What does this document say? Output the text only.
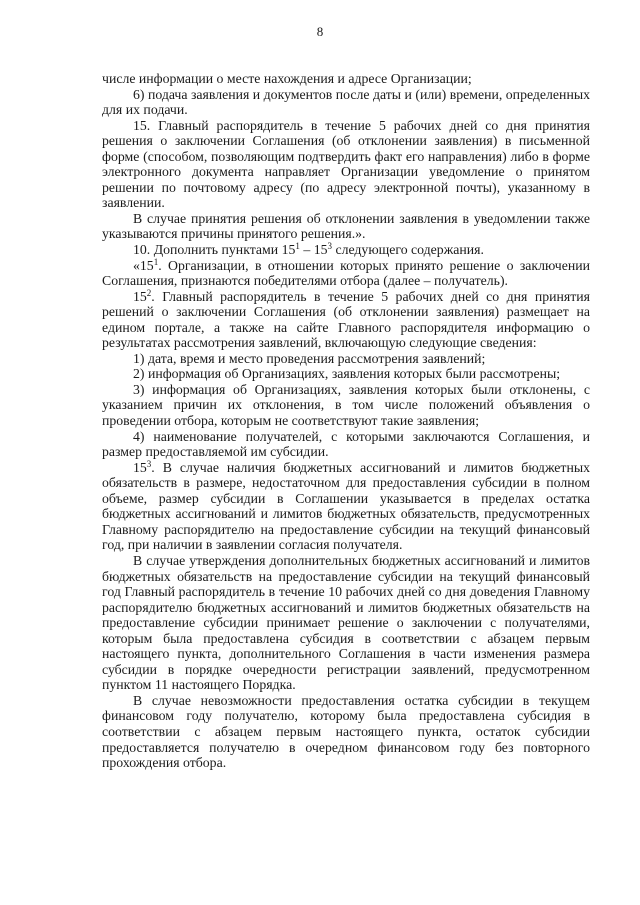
8

числе информации о месте нахождения и адресе Организации;

6) подача заявления и документов после даты и (или) времени, определенных для их подачи.

15. Главный распорядитель в течение 5 рабочих дней со дня принятия решения о заключении Соглашения (об отклонении заявления) в письменной форме (способом, позволяющим подтвердить факт его направления) либо в форме электронного документа направляет Организации уведомление о принятом решении по почтовому адресу (по адресу электронной почты), указанному в заявлении.

В случае принятия решения об отклонении заявления в уведомлении также указываются причины принятого решения.».

10. Дополнить пунктами $15^1 - 15^3$ следующего содержания.

«$15^1$. Организации, в отношении которых принято решение о заключении Соглашения, признаются победителями отбора (далее – получатель).

$15^2$. Главный распорядитель в течение 5 рабочих дней со дня принятия решений о заключении Соглашения (об отклонении заявления) размещает на едином портале, а также на сайте Главного распорядителя информацию о результатах рассмотрения заявлений, включающую следующие сведения:

1) дата, время и место проведения рассмотрения заявлений;

2) информация об Организациях, заявления которых были рассмотрены;

3) информация об Организациях, заявления которых были отклонены, с указанием причин их отклонения, в том числе положений объявления о проведении отбора, которым не соответствуют такие заявления;

4) наименование получателей, с которыми заключаются Соглашения, и размер предоставляемой им субсидии.

$15^3$. В случае наличия бюджетных ассигнований и лимитов бюджетных обязательств в размере, недостаточном для предоставления субсидии в полном объеме, размер субсидии в Соглашении указывается в пределах остатка бюджетных ассигнований и лимитов бюджетных обязательств, предусмотренных Главному распорядителю на предоставление субсидии на текущий финансовый год, при наличии в заявлении согласия получателя.

В случае утверждения дополнительных бюджетных ассигнований и лимитов бюджетных обязательств на предоставление субсидии на текущий финансовый год Главный распорядитель в течение 10 рабочих дней со дня доведения Главному распорядителю бюджетных ассигнований и лимитов бюджетных обязательств на предоставление субсидии принимает решение о заключении с получателями, которым была предоставлена субсидия в соответствии с абзацем первым настоящего пункта, дополнительного Соглашения в части изменения размера субсидии в порядке очередности регистрации заявлений, предусмотренном пунктом 11 настоящего Порядка.

В случае невозможности предоставления остатка субсидии в текущем финансовом году получателю, которому была предоставлена субсидия в соответствии с абзацем первым настоящего пункта, остаток субсидии предоставляется получателю в очередном финансовом году без повторного прохождения отбора.
